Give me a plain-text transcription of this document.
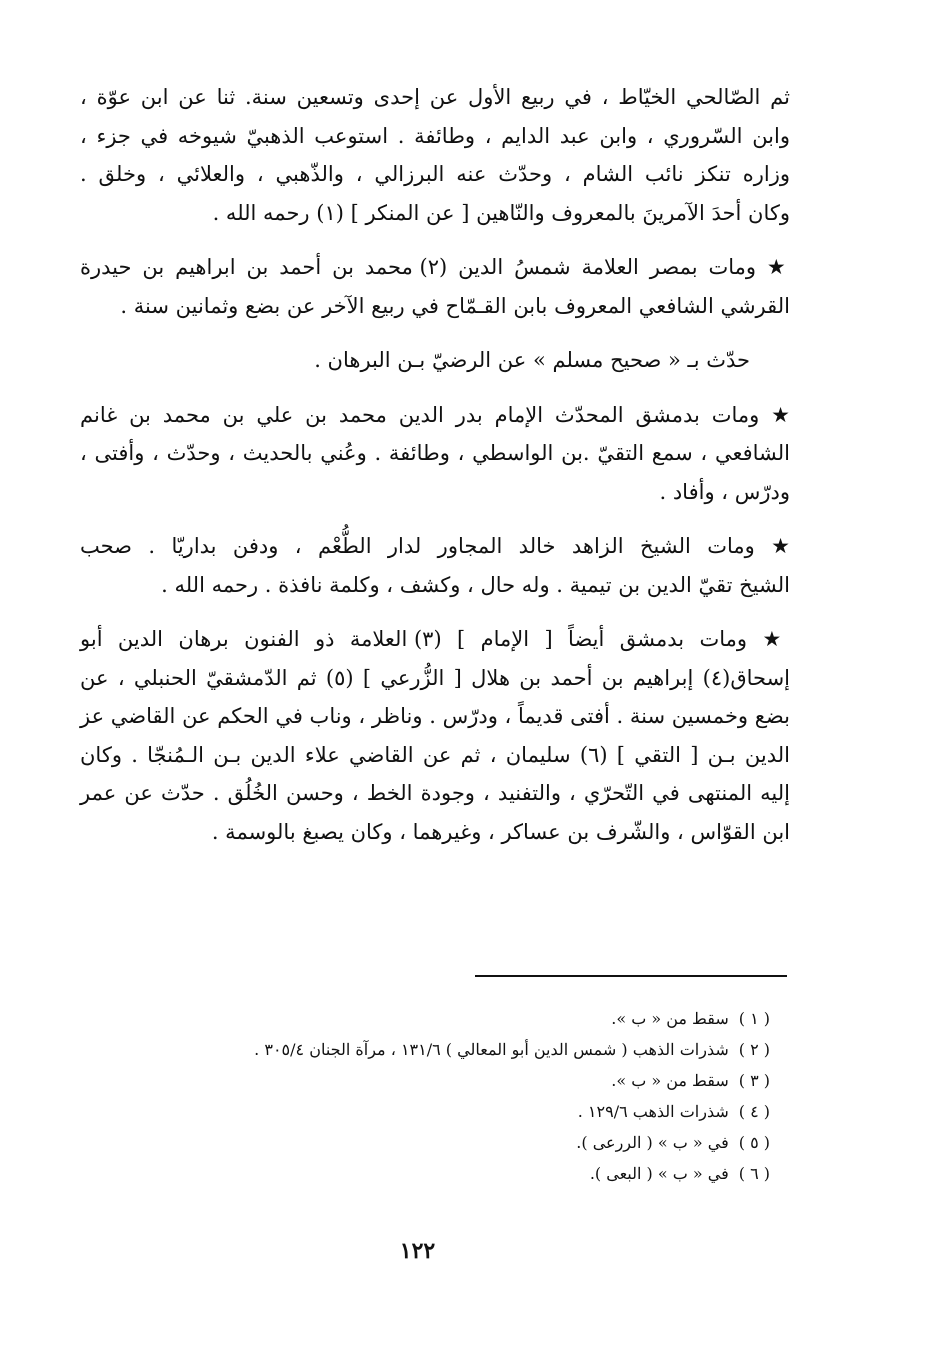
ثم الصّالحي الخيّاط ، في ربيع الأول عن إحدى وتسعين سنة. ثنا عن ابن عوّة ،
وابن السّروري ، وابن عبد الدايم ، وطائفة . استوعب الذهبيّ شيوخه في جزء ،
وزاره تنكز نائب الشام ، وحدّث عنه البرزالي ، والذّهبي ، والعلائي ، وخلق .
وكان أحدَ الآمرينَ بالمعروف والنّاهين [ عن المنكر ] (١) رحمه الله .
★ ومات بمصر العلامة شمسُ الدين (٢) محمد بن أحمد بن ابراهيم بن حيدرة
القرشي الشافعي المعروف بابن القـمّاح في ربيع الآخر عن بضع وثمانين سنة .
حدّث بـ « صحيح مسلم » عن الرضيّ بـن البرهان .
★ ومات بدمشق المحدّث الإمام بدر الدين محمد بن علي بن محمد بن غانم
الشافعي ، سمع التقيّ .بن الواسطي ، وطائفة . وعُني بالحديث ، وحدّث ، وأفتى ،
ودرّس ، وأفاد .
★ ومات الشيخ الزاهد خالد المجاور لدار الطُّعْم ، ودفن بداريّا . صحب
الشيخ تقيّ الدين بن تيمية . وله حال ، وكشف ، وكلمة نافذة . رحمه الله .
★ ومات بدمشق أيضاً [ الإمام ] (٣) العلامة ذو الفنون برهان الدين أبو
إسحاق(٤) إبراهيم بن أحمد بن هلال [ الزُّرعي ] (٥) ثم الدّمشقيّ الحنبلي ، عن
بضع وخمسين سنة . أفتى قديماً ، ودرّس . وناظر ، وناب في الحكم عن القاضي عز
الدين بـن [ التقي ] (٦) سليمان ، ثم عن القاضي علاء الدين بـن الـمُنجّا . وكان
إليه المنتهى في التّحرّي ، والتفنيد ، وجودة الخط ، وحسن الخُلُق . حدّث عن عمر
ابن القوّاس ، والشّرف بن عساكر ، وغيرهما ، وكان يصبغ بالوسمة .
( ١ )سقط من « ب ».
( ٢ )شذرات الذهب ( شمس الدين أبو المعالي ) ١٣١/٦ ، مرآة الجنان ٣٠٥/٤ .
( ٣ )سقط من « ب ».
( ٤ )شذرات الذهب ١٢٩/٦ .
( ٥ )في « ب » ( الررعى ).
( ٦ )في « ب » ( البعى ).
١٢٢
